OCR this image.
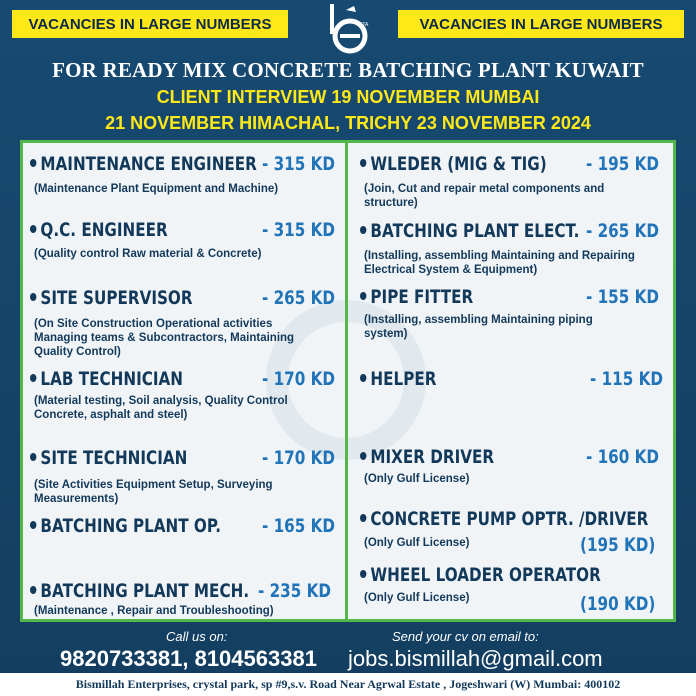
VACANCIES IN LARGE NUMBERS	VACANCIES IN LARGE NUMBERS
IATA
FOR READY MIX CONCRETE BATCHING PLANT KUWAIT
CLIENT INTERVIEW 19 NOVEMBER MUMBAI
21 NOVEMBER HIMACHAL, TRICHY 23 NOVEMBER 2024
MAINTENANCE ENGINEER - 315 KD
(Maintenance Plant Equipment and Machine)
Q.C. ENGINEER	- 315 KD
(Quality control Raw material & Concrete)
SITE SUPERVISOR	- 265 KD
(On Site Construction Operational activities
Managing teams & Subcontractors, Maintaining
Quality Control)
LAB TECHNICIAN	- 170 KD
(Material testing, Soil analysis, Quality Control
Concrete, asphalt and steel)
SITE TECHNICIAN	- 170 KD
(Site Activities Equipment Setup, Surveying
Measurements)
BATCHING PLANT OP. - 165 KD
BATCHING PLANT MECH. - 235 KD
(Maintenance , Repair and Troubleshooting)
WLEDER (MIG & TIG) - 195 KD
(Join, Cut and repair metal components and
structure)
BATCHING PLANT ELECT. - 265 KD
(Installing, assembling Maintaining and Repairing
Electrical System & Equipment)
PIPE FITTER	- 155 KD
(Installing, assembling Maintaining piping
system)
HELPER	- 115 KD
MIXER DRIVER	- 160 KD
(Only Gulf License)
CONCRETE PUMP OPTR. /DRIVER
(195 KD)
(Only Gulf License)
WHEEL LOADER OPERATOR
(190 KD)
(Only Gulf License)
Call us on:
9820733381, 8104563381
Send your cv on email to:
jobs.bismillah@gmail.com
Bismillah Enterprises, crystal park, sp #9,s.v. Road Near Agrwal Estate , Jogeshwari (W) Mumbai: 400102
